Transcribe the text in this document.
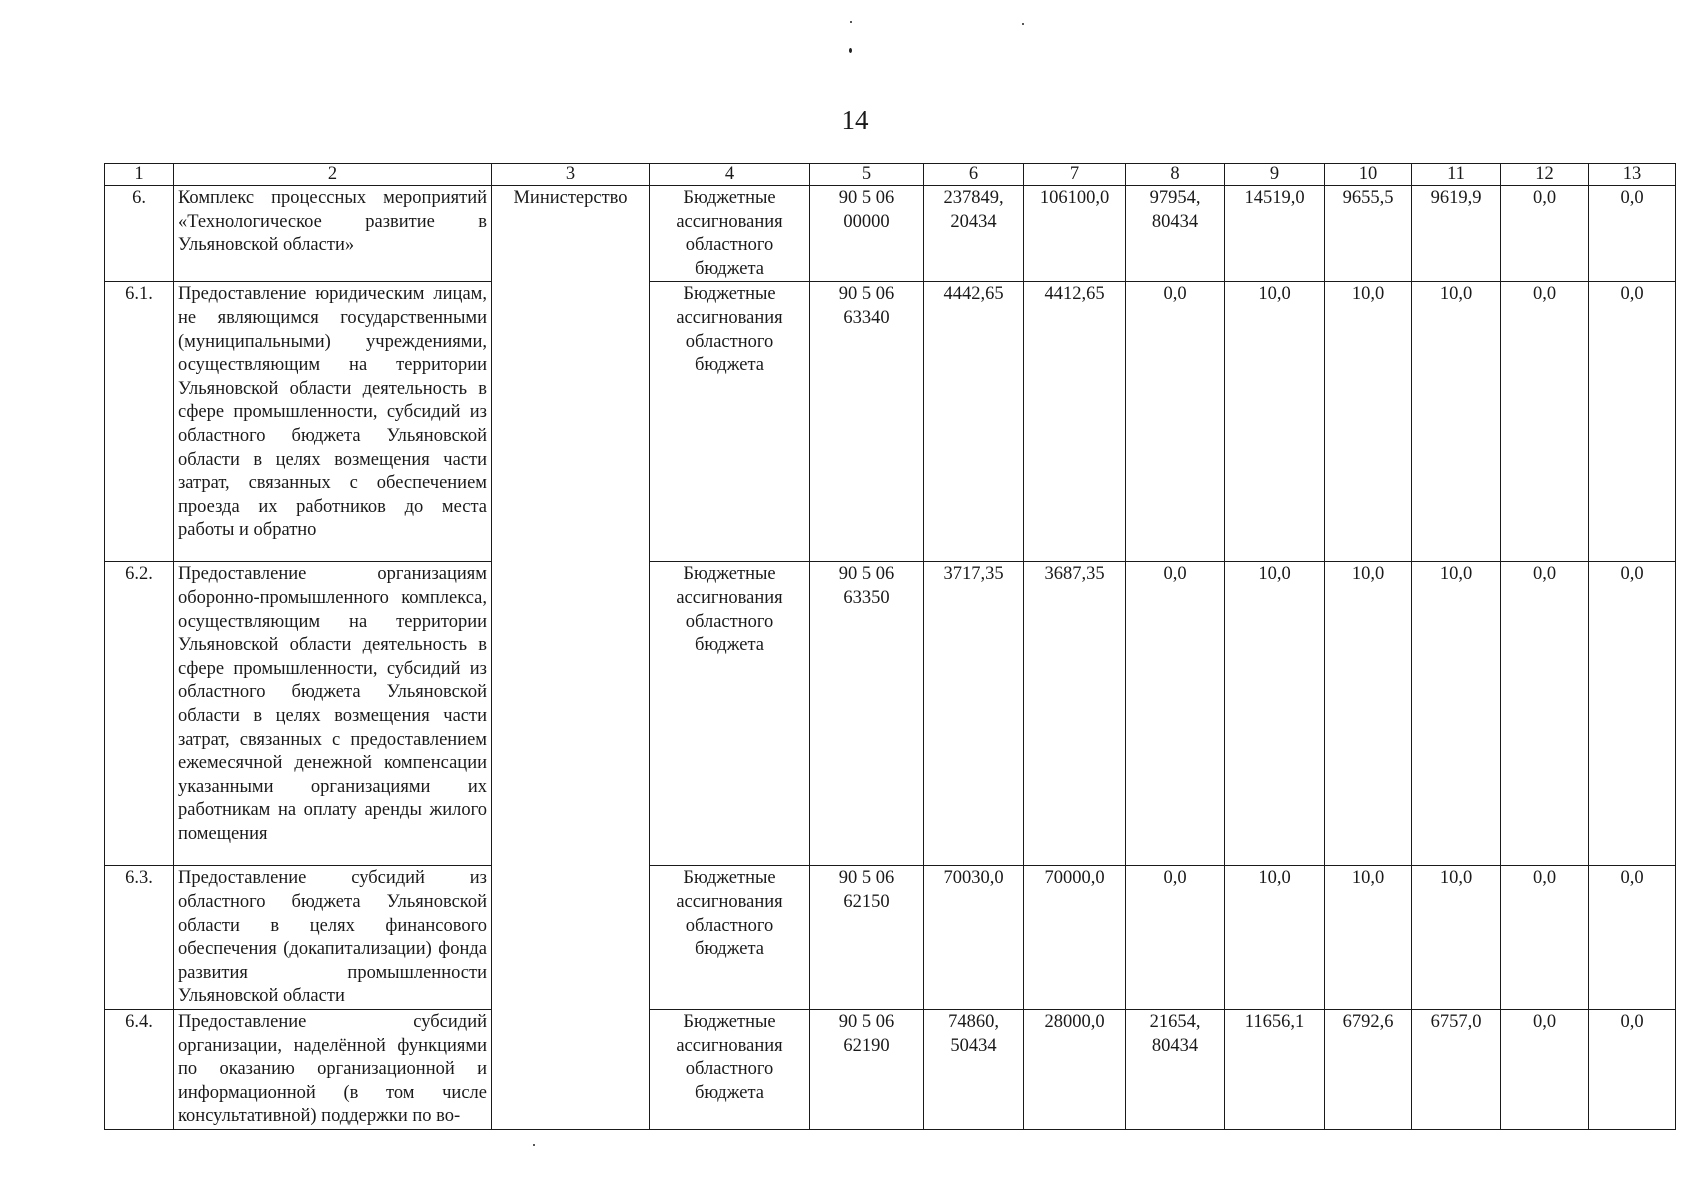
14
1	2	3	4	5	6	7	8	9	10	11	12	13
6.	Комплекс процессных мероприятий «Технологическое развитие в Ульяновской области»	Министерство	Бюджетные ассигнования областного бюджета	90 5 06 00000	237849, 20434	106100,0	97954, 80434	14519,0	9655,5	9619,9	0,0	0,0
6.1.	Предоставление юридическим лицам, не являющимся государственными (муниципальными) учреждениями, осуществляющим на территории Ульяновской области деятельность в сфере промышленности, субсидий из областного бюджета Ульяновской области в целях возмещения части затрат, связанных с обеспечением проезда их работников до места работы и обратно		Бюджетные ассигнования областного бюджета	90 5 06 63340	4442,65	4412,65	0,0	10,0	10,0	10,0	0,0	0,0
6.2.	Предоставление организациям оборонно-промышленного комплекса, осуществляющим на территории Ульяновской области деятельность в сфере промышленности, субсидий из областного бюджета Ульяновской области в целях возмещения части затрат, связанных с предоставлением ежемесячной денежной компенсации указанными организациями их работникам на оплату аренды жилого помещения		Бюджетные ассигнования областного бюджета	90 5 06 63350	3717,35	3687,35	0,0	10,0	10,0	10,0	0,0	0,0
6.3.	Предоставление субсидий из областного бюджета Ульяновской области в целях финансового обеспечения (докапитализации) фонда развития промышленности Ульяновской области		Бюджетные ассигнования областного бюджета	90 5 06 62150	70030,0	70000,0	0,0	10,0	10,0	10,0	0,0	0,0
6.4.	Предоставление субсидий организации, наделённой функциями по оказанию организационной и информационной (в том числе консультативной) поддержки по во-		Бюджетные ассигнования областного бюджета	90 5 06 62190	74860, 50434	28000,0	21654, 80434	11656,1	6792,6	6757,0	0,0	0,0
